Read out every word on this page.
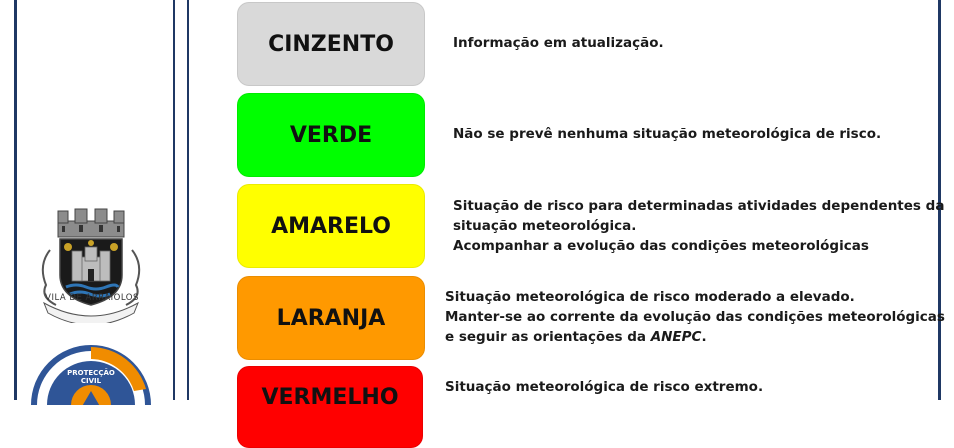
VILA DE ARRAIOLOS
PROTECÇÃO CIVIL
CINZENTO
VERDE
AMARELO
LARANJA
VERMELHO
Informação em atualização.
Não se prevê nenhuma situação meteorológica de risco.
Situação de risco para determinadas atividades dependentes da
situação meteorológica.
Acompanhar a evolução das condições meteorológicas
Situação meteorológica de risco moderado a elevado.
Manter-se ao corrente da evolução das condições meteorológicas
e seguir as orientações da ANEPC.
Situação meteorológica de risco extremo.
